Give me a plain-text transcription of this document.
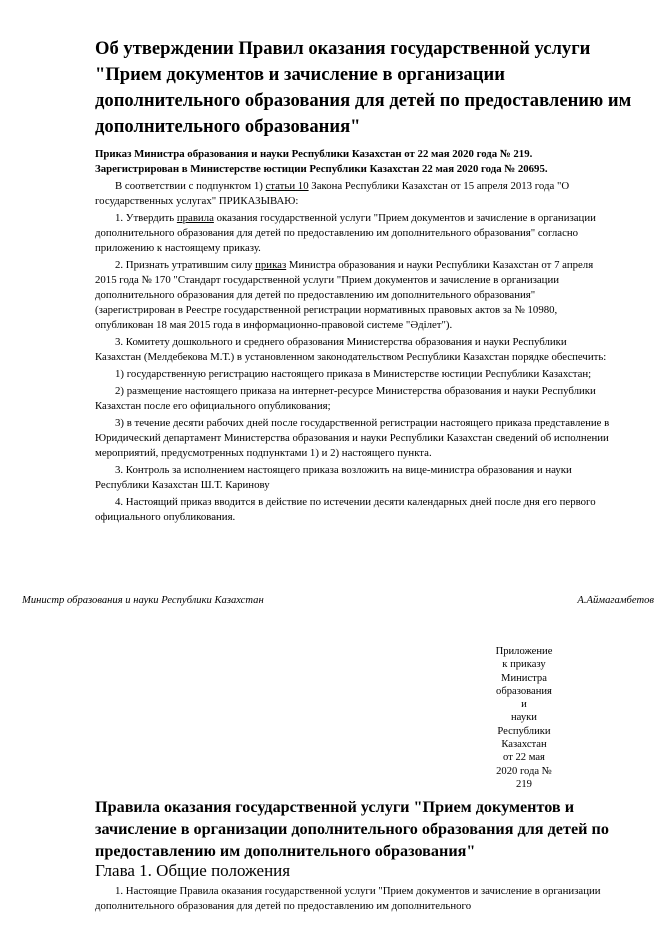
Об утверждении Правил оказания государственной услуги "Прием документов и зачисление в организации дополнительного образования для детей по предоставлению им дополнительного образования"
Приказ Министра образования и науки Республики Казахстан от 22 мая 2020 года № 219.
Зарегистрирован в Министерстве юстиции Республики Казахстан 22 мая 2020 года № 20695.

В соответствии с подпунктом 1) статьи 10 Закона Республики Казахстан от 15 апреля 2013 года "О государственных услугах" ПРИКАЗЫВАЮ:

1. Утвердить правила оказания государственной услуги "Прием документов и зачисление в организации дополнительного образования для детей по предоставлению им дополнительного образования" согласно приложению к настоящему приказу.

2. Признать утратившим силу приказ Министра образования и науки Республики Казахстан от 7 апреля 2015 года № 170 "Стандарт государственной услуги "Прием документов и зачисление в организации дополнительного образования для детей по предоставлению им дополнительного образования" (зарегистрирован в Реестре государственной регистрации нормативных правовых актов за № 10980, опубликован 18 мая 2015 года в информационно-правовой системе "Әділет").

3. Комитету дошкольного и среднего образования Министерства образования и науки Республики Казахстан (Мелдебекова М.Т.) в установленном законодательством Республики Казахстан порядке обеспечить:

1) государственную регистрацию настоящего приказа в Министерстве юстиции Республики Казахстан;

2) размещение настоящего приказа на интернет-ресурсе Министерства образования и науки Республики Казахстан после его официального опубликования;

3) в течение десяти рабочих дней после государственной регистрации настоящего приказа представление в Юридический департамент Министерства образования и науки Республики Казахстан сведений об исполнении мероприятий, предусмотренных подпунктами 1) и 2) настоящего пункта.

3. Контроль за исполнением настоящего приказа возложить на вице-министра образования и науки Республики Казахстан Ш.Т. Каринову

4. Настоящий приказ вводится в действие по истечении десяти календарных дней после дня его первого официального опубликования.

Министр образования и науки Республики Казахстан	А.Аймагамбетов
Приложение
к приказу
Министра
образования
и
науки
Республики
Казахстан
от 22 мая
2020 года №
219
Правила оказания государственной услуги "Прием документов и зачисление в организации дополнительного образования для детей по предоставлению им дополнительного образования"
Глава 1. Общие положения

1. Настоящие Правила оказания государственной услуги "Прием документов и зачисление в организации дополнительного образования для детей по предоставлению им дополнительного
